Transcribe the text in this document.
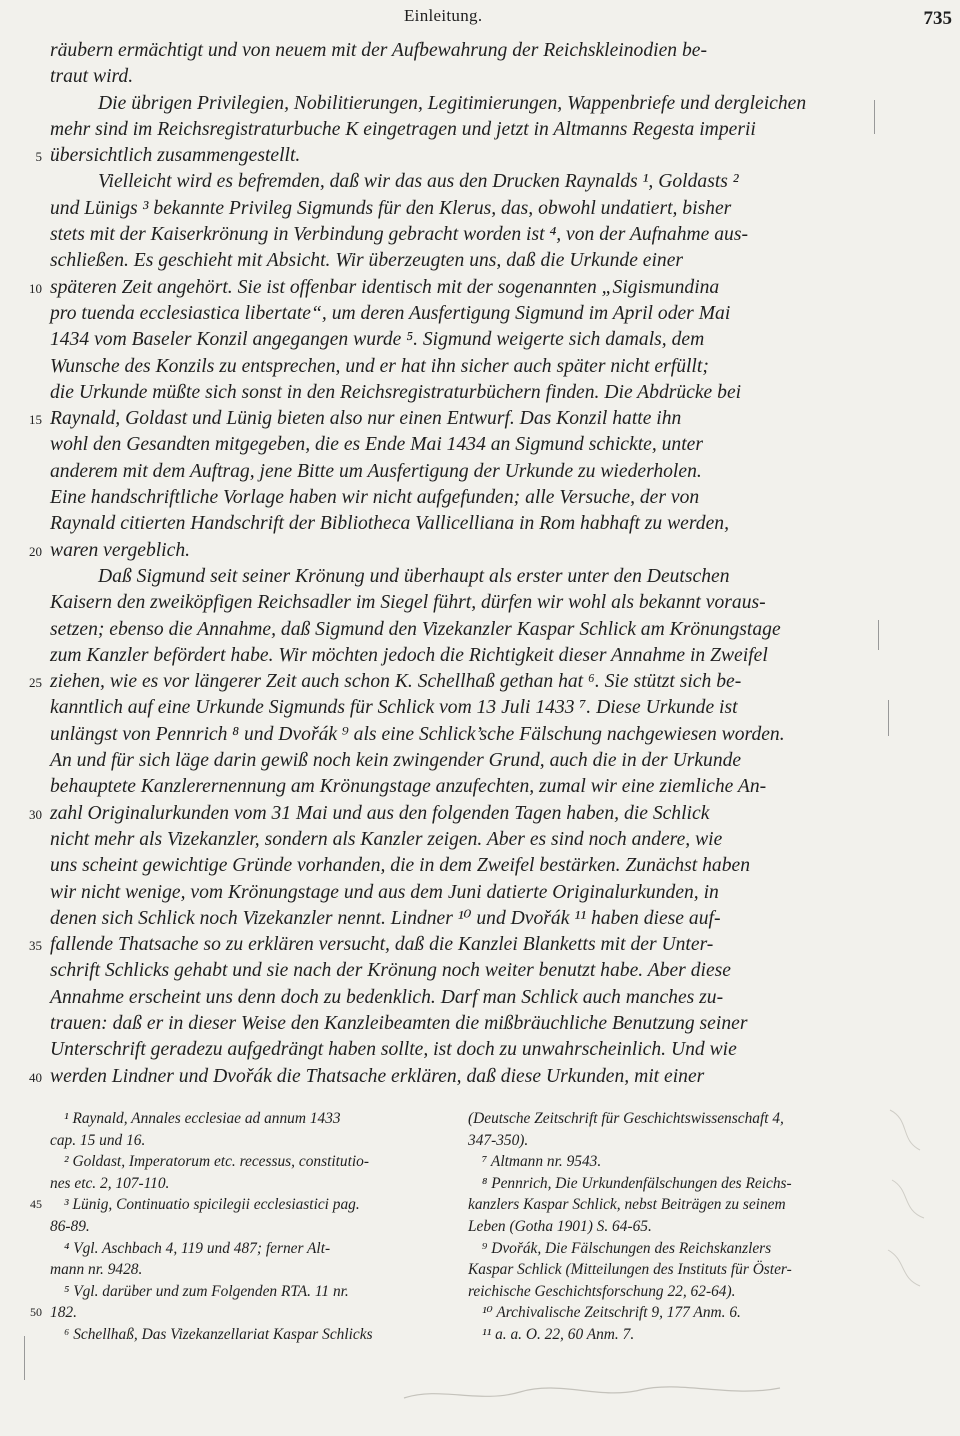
Einleitung.	735
räubern ermächtigt und von neuem mit der Aufbewahrung der Reichskleinodien be-
traut wird.
Die übrigen Privilegien, Nobilitierungen, Legitimierungen, Wappenbriefe und dergleichen
mehr sind im Reichsregistraturbuche K eingetragen und jetzt in Altmanns Regesta imperii
5 übersichtlich zusammengestellt.
Vielleicht wird es befremden, daß wir das aus den Drucken Raynalds ¹, Goldasts ²
und Lünigs ³ bekannte Privileg Sigmunds für den Klerus, das, obwohl undatiert, bisher
stets mit der Kaiserkrönung in Verbindung gebracht worden ist ⁴, von der Aufnahme aus-
schließen. Es geschieht mit Absicht. Wir überzeugten uns, daß die Urkunde einer
10 späteren Zeit angehört. Sie ist offenbar identisch mit der sogenannten „Sigismundina
pro tuenda ecclesiastica libertate“, um deren Ausfertigung Sigmund im April oder Mai
1434 vom Baseler Konzil angegangen wurde ⁵. Sigmund weigerte sich damals, dem
Wunsche des Konzils zu entsprechen, und er hat ihn sicher auch später nicht erfüllt;
die Urkunde müßte sich sonst in den Reichsregistraturbüchern finden. Die Abdrücke bei
15 Raynald, Goldast und Lünig bieten also nur einen Entwurf. Das Konzil hatte ihn
wohl den Gesandten mitgegeben, die es Ende Mai 1434 an Sigmund schickte, unter
anderem mit dem Auftrag, jene Bitte um Ausfertigung der Urkunde zu wiederholen.
Eine handschriftliche Vorlage haben wir nicht aufgefunden; alle Versuche, der von
Raynald citierten Handschrift der Bibliotheca Vallicelliana in Rom habhaft zu werden,
20 waren vergeblich.
Daß Sigmund seit seiner Krönung und überhaupt als erster unter den Deutschen
Kaisern den zweiköpfigen Reichsadler im Siegel führt, dürfen wir wohl als bekannt voraus-
setzen; ebenso die Annahme, daß Sigmund den Vizekanzler Kaspar Schlick am Krönungstage
zum Kanzler befördert habe. Wir möchten jedoch die Richtigkeit dieser Annahme in Zweifel
25 ziehen, wie es vor längerer Zeit auch schon K. Schellhaß gethan hat ⁶. Sie stützt sich be-
kanntlich auf eine Urkunde Sigmunds für Schlick vom 13 Juli 1433 ⁷. Diese Urkunde ist
unlängst von Pennrich ⁸ und Dvořák ⁹ als eine Schlick’sche Fälschung nachgewiesen worden.
An und für sich läge darin gewiß noch kein zwingender Grund, auch die in der Urkunde
behauptete Kanzlerernennung am Krönungstage anzufechten, zumal wir eine ziemliche An-
30 zahl Originalurkunden vom 31 Mai und aus den folgenden Tagen haben, die Schlick
nicht mehr als Vizekanzler, sondern als Kanzler zeigen. Aber es sind noch andere, wie
uns scheint gewichtige Gründe vorhanden, die in dem Zweifel bestärken. Zunächst haben
wir nicht wenige, vom Krönungstage und aus dem Juni datierte Originalurkunden, in
denen sich Schlick noch Vizekanzler nennt. Lindner ¹⁰ und Dvořák ¹¹ haben diese auf-
35 fallende Thatsache so zu erklären versucht, daß die Kanzlei Blanketts mit der Unter-
schrift Schlicks gehabt und sie nach der Krönung noch weiter benutzt habe. Aber diese
Annahme erscheint uns denn doch zu bedenklich. Darf man Schlick auch manches zu-
trauen: daß er in dieser Weise den Kanzleibeamten die mißbräuchliche Benutzung seiner
Unterschrift geradezu aufgedrängt haben sollte, ist doch zu unwahrscheinlich. Und wie
40 werden Lindner und Dvořák die Thatsache erklären, daß diese Urkunden, mit einer
¹ Raynald, Annales ecclesiae ad annum 1433
cap. 15 und 16.
² Goldast, Imperatorum etc. recessus, constitutio-
nes etc. 2, 107-110.
45 ³ Lünig, Continuatio spicilegii ecclesiastici pag.
86-89.
⁴ Vgl. Aschbach 4, 119 und 487; ferner Alt-
mann nr. 9428.
⁵ Vgl. darüber und zum Folgenden RTA. 11 nr.
50 182.
⁶ Schellhaß, Das Vizekanzellariat Kaspar Schlicks
(Deutsche Zeitschrift für Geschichtswissenschaft 4,
347-350).
⁷ Altmann nr. 9543.
⁸ Pennrich, Die Urkundenfälschungen des Reichs-
kanzlers Kaspar Schlick, nebst Beiträgen zu seinem
Leben (Gotha 1901) S. 64-65.
⁹ Dvořák, Die Fälschungen des Reichskanzlers
Kaspar Schlick (Mitteilungen des Instituts für Öster-
reichische Geschichtsforschung 22, 62-64).
¹⁰ Archivalische Zeitschrift 9, 177 Anm. 6.
¹¹ a. a. O. 22, 60 Anm. 7.
